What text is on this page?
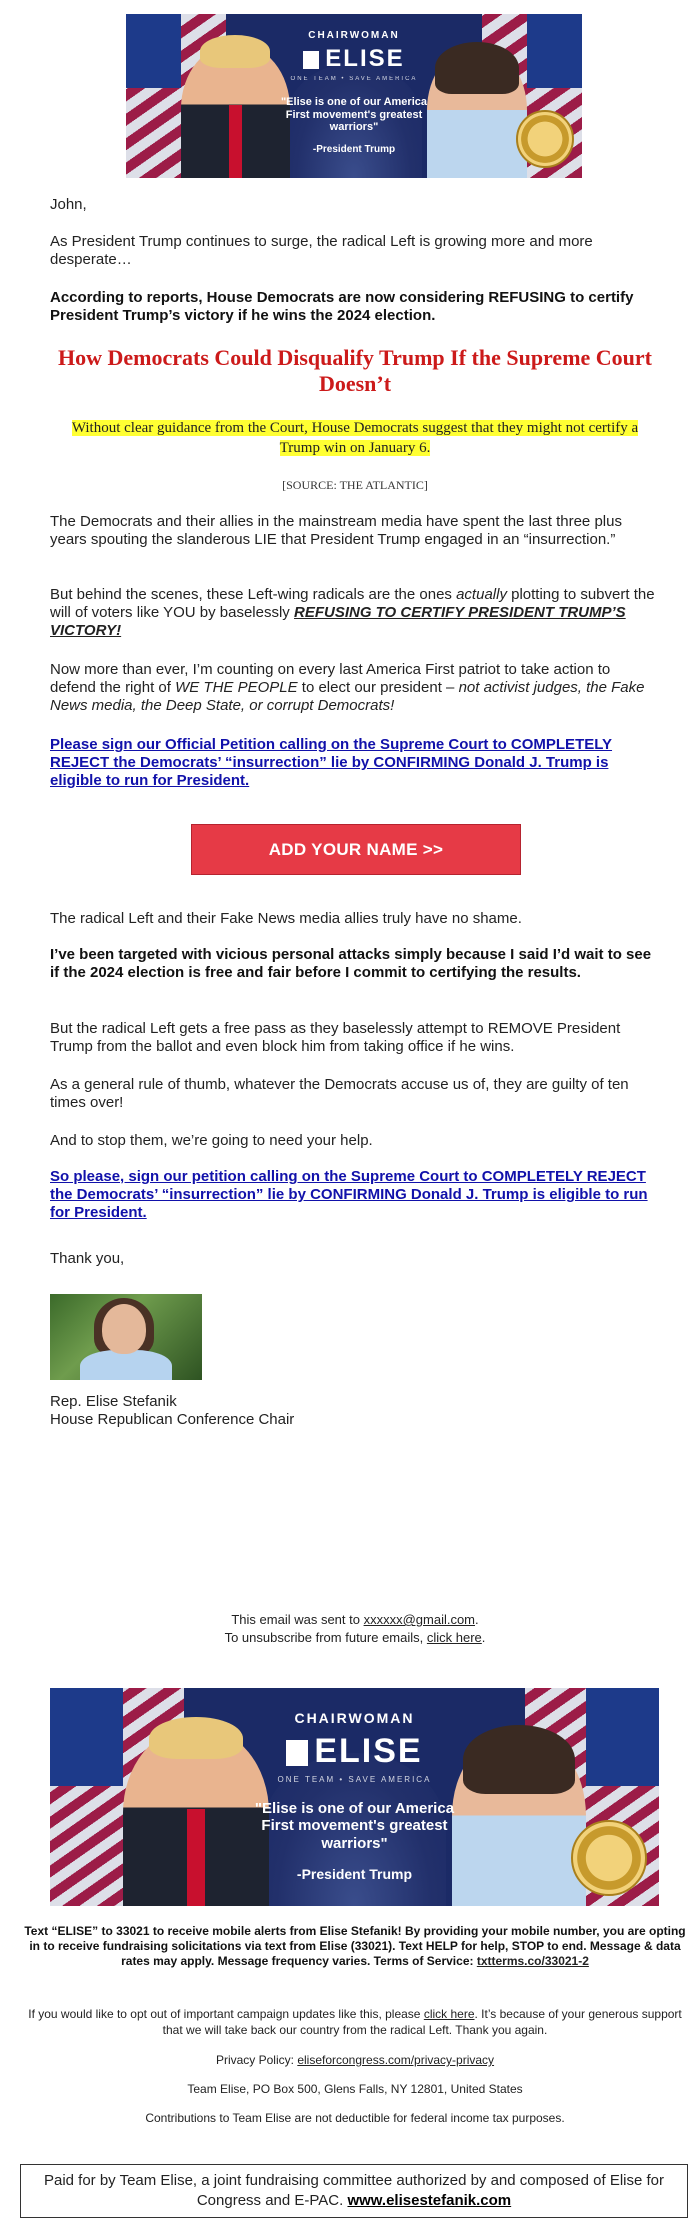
CHAIRWOMAN
ELISE
ONE TEAM • SAVE AMERICA
"Elise is one of our America First movement's greatest warriors"
-President Trump

John,

As President Trump continues to surge, the radical Left is growing more and more desperate…

According to reports, House Democrats are now considering REFUSING to certify President Trump’s victory if he wins the 2024 election.

How Democrats Could Disqualify Trump If the Supreme Court Doesn’t
Without clear guidance from the Court, House Democrats suggest that they might not certify a Trump win on January 6.
[SOURCE: THE ATLANTIC]

The Democrats and their allies in the mainstream media have spent the last three plus years spouting the slanderous LIE that President Trump engaged in an “insurrection.”

But behind the scenes, these Left-wing radicals are the ones actually plotting to subvert the will of voters like YOU by baselessly REFUSING TO CERTIFY PRESIDENT TRUMP’S VICTORY!

Now more than ever, I’m counting on every last America First patriot to take action to defend the right of WE THE PEOPLE to elect our president – not activist judges, the Fake News media, the Deep State, or corrupt Democrats!

Please sign our Official Petition calling on the Supreme Court to COMPLETELY REJECT the Democrats’ “insurrection” lie by CONFIRMING Donald J. Trump is eligible to run for President.

ADD YOUR NAME >>

The radical Left and their Fake News media allies truly have no shame.

I’ve been targeted with vicious personal attacks simply because I said I’d wait to see if the 2024 election is free and fair before I commit to certifying the results.

But the radical Left gets a free pass as they baselessly attempt to REMOVE President Trump from the ballot and even block him from taking office if he wins.

As a general rule of thumb, whatever the Democrats accuse us of, they are guilty of ten times over!

And to stop them, we’re going to need your help.

So please, sign our petition calling on the Supreme Court to COMPLETELY REJECT the Democrats’ “insurrection” lie by CONFIRMING Donald J. Trump is eligible to run for President.

Thank you,

Rep. Elise Stefanik

House Republican Conference Chair

This email was sent to xxxxxx@gmail.com.
To unsubscribe from future emails, click here.
CHAIRWOMAN
ELISE
ONE TEAM • SAVE AMERICA
"Elise is one of our America First movement's greatest warriors"
-President Trump
Text “ELISE” to 33021 to receive mobile alerts from Elise Stefanik! By providing your mobile number, you are opting in to receive fundraising solicitations via text from Elise (33021). Text HELP for help, STOP to end. Message & data rates may apply. Message frequency varies. Terms of Service: txtterms.co/33021-2
If you would like to opt out of important campaign updates like this, please click here. It’s because of your generous support that we will take back our country from the radical Left. Thank you again.
Privacy Policy: eliseforcongress.com/privacy-privacy
Team Elise, PO Box 500, Glens Falls, NY 12801, United States
Contributions to Team Elise are not deductible for federal income tax purposes.
Paid for by Team Elise, a joint fundraising committee authorized by and composed of Elise for Congress and E-PAC. www.elisestefanik.com
